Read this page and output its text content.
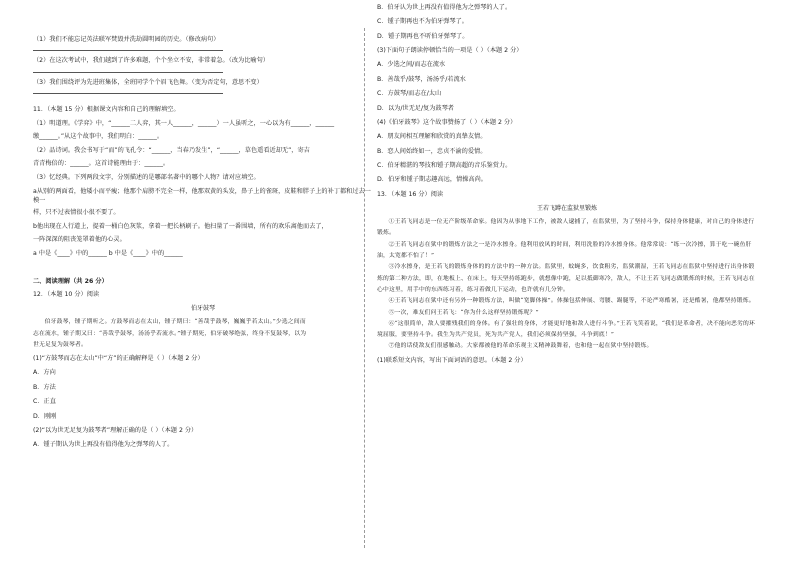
（1）我们不能忘记英法联军焚毁并洗劫圆明园的历史。（修改病句）

（2）在这次考试中，我们越到了许多难题，个个坐立不安，非常着急。（改为比喻句）

（3）我们围绕评为先进班集体，全班同学个个眉飞色舞。（变为否定句，意思不变）

11．（本题 15 分）根据课文内容和自己的理解填空。

（1）明道理。《学弈》中，“______二人弈，其一人______，______）一人虽听之，一心以为有______，______

缴______。”从这个故事中，我们明白：______。

（2）品诗词。我会书写于“而”的飞孔令：“______，当春乃发生”，“______，草色遥看近却无”，寄吉

青青梅倍的：______。这首诗能理由于：______。

（3）忆经典。下列两段文字，分别描述的是哪部名著中的哪个人物？请对应填空。

a从别的两面看，他矮小而平瘦；他那个肩膀不完全一样，他那双黄的头发，鼻子上的雀斑，皮鞋和胖子上的补丁都和过去一模一

样，只不过表情很小很不要了。

b他出现在人行道上，提着一桶白色灰浆，拿着一把长柄刷子。他扫量了一番围墙，所有的欢乐离他而去了，

一阵深深的阻丧笼罩着他的心灵。

a 中是《____》中的______ b 中是《____》中的______

二、阅读理解（共 26 分）

12．（本题 10 分）阅读

伯牙鼓琴

伯牙鼓琴，锺子期听之。方鼓琴而志在太山，锺子期曰：“善哉乎鼓琴，巍巍乎若太山。”少选之间而

志在流水，锺子期又曰：“善哉乎鼓琴，汤汤乎若流水。”锺子期死，伯牙破琴绝弦，终身不复鼓琴，以为

世无足复为鼓琴者。

(1)“方鼓琴而志在太山”中“方”的正确解释是（ ）（本题 2 分）

A．方向

B．方法

C．正直

D．刚刚

(2)“以为世无足复为鼓琴者”理解正确的是（ ）（本题 2 分）

A．锺子期认为世上再没有值得他为之弹琴的人了。

B．伯牙认为世上再没有值得他为之弹琴的人了。

C．锺子期再也不为伯牙弹琴了。

D．锺子期再也不听伯牙弹琴了。

(3)下面句子朗读停顿恰当的一项是（ ）（本题 2 分）

A．少选之间/而志在流水

B．善哉乎/鼓琴，汤汤乎/若流水

C．方鼓琴/而志在/太山

D．以为/世无足/复为鼓琴者

(4)《伯牙鼓琴》这个故事赞扬了（ ）（本题 2 分）

A．朋友间相互理解和欣赏的真挚友情。

B．恋人间始终如一，忠贞不渝的爱情。

C．伯牙精湛的琴技和锺子期高超的音乐鉴赏力。

D．伯牙和锺子期志趣高远，情操高尚。

13．（本题 16 分）阅读

王若飞蹲在监狱里锻炼

①王若飞同志是一位无产阶级革命家。他因为从事地下工作，被敌人逮捕了，在监狱里，为了坚持斗争，保持身体健康，对自己的身体进行锻炼。

②王若飞同志在狱中的锻炼方法之一是冷水擦身。他利用放风的时间，利用洗脸的冷水擦身体。他常常说：“练一次冷擦，算于吃一碗鱼肝油，太宽都不怕了！”

③冷水擦身，是王若飞的锻炼身体的的方法中的一种方法。监狱里，蚊蝇多，饮食粗劣，监狱潮湿，王若飞同志在监狱中坚持进行出身体锻炼的第二种方法，即，在地板上、在床上，每天坚持练跑步，就想像中跑，足以抵御寒冷，敌人，不让王若飞同志做锻炼的时候，王若飞同志在心中这里，用手中的东西练习着，练习着做几下运动，也许就有几分钟。

④王若飞同志在狱中还有另外一种锻炼方法，叫做“宽脚体操”。体操包括伸展、弯腰、踢腿等，不论严寒酷暑，还是酷暑，他都坚持锻炼。

⑤一次，难友们问王若飞：“你为什么这样坚持锻炼呢？”

⑥“这很简单，敌人要摧残我们的身体。有了强壮的身体，才能更好地和敌人进行斗争。”王若飞笑着说，“我们是革命者，决不能向恶劣的环境屈服，要坚持斗争。我生为共产党员，死为共产党人，我们必须保持坚强，斗争到底！”

⑦他的话使敌友们很感触动。大家都被他的革命乐观主义精神鼓舞着，也和他一起在狱中坚持锻炼。

(1)联系短文内容，写出下面词语的意思。（本题 2 分）
